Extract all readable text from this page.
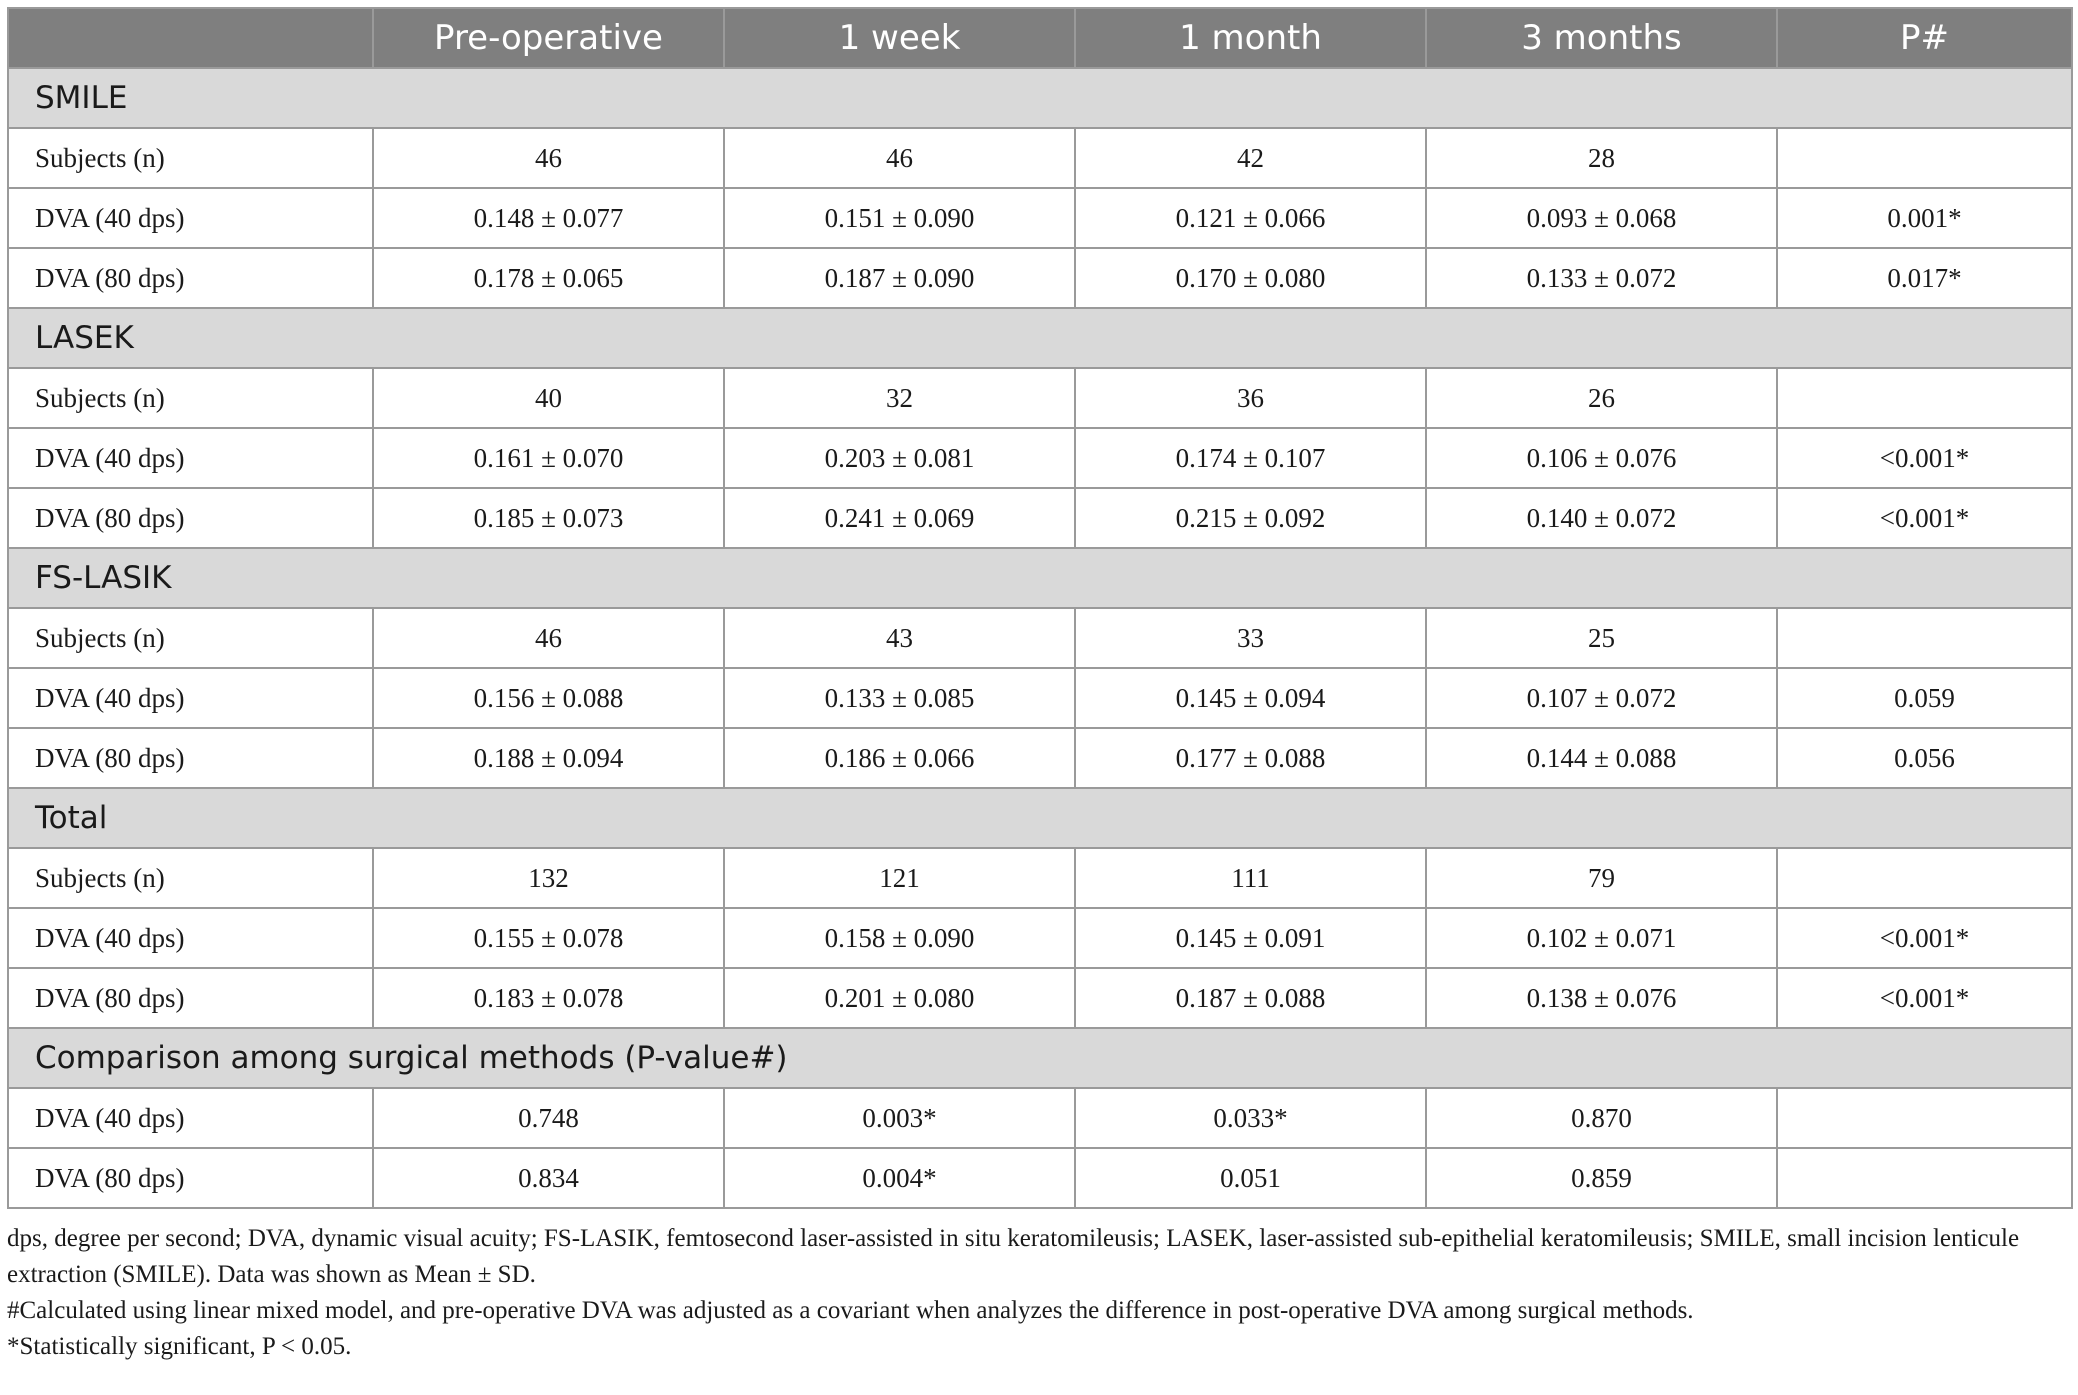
	Pre-operative	1 week	1 month	3 months	P#
SMILE					
Subjects (n)	46	46	42	28	
DVA (40 dps)	0.148 ± 0.077	0.151 ± 0.090	0.121 ± 0.066	0.093 ± 0.068	0.001*
DVA (80 dps)	0.178 ± 0.065	0.187 ± 0.090	0.170 ± 0.080	0.133 ± 0.072	0.017*
LASEK					
Subjects (n)	40	32	36	26	
DVA (40 dps)	0.161 ± 0.070	0.203 ± 0.081	0.174 ± 0.107	0.106 ± 0.076	<0.001*
DVA (80 dps)	0.185 ± 0.073	0.241 ± 0.069	0.215 ± 0.092	0.140 ± 0.072	<0.001*
FS-LASIK					
Subjects (n)	46	43	33	25	
DVA (40 dps)	0.156 ± 0.088	0.133 ± 0.085	0.145 ± 0.094	0.107 ± 0.072	0.059
DVA (80 dps)	0.188 ± 0.094	0.186 ± 0.066	0.177 ± 0.088	0.144 ± 0.088	0.056
Total					
Subjects (n)	132	121	111	79	
DVA (40 dps)	0.155 ± 0.078	0.158 ± 0.090	0.145 ± 0.091	0.102 ± 0.071	<0.001*
DVA (80 dps)	0.183 ± 0.078	0.201 ± 0.080	0.187 ± 0.088	0.138 ± 0.076	<0.001*
Comparison among surgical methods (P-value#)					
DVA (40 dps)	0.748	0.003*	0.033*	0.870	
DVA (80 dps)	0.834	0.004*	0.051	0.859	

dps, degree per second; DVA, dynamic visual acuity; FS-LASIK, femtosecond laser-assisted in situ keratomileusis; LASEK, laser-assisted sub-epithelial keratomileusis; SMILE, small incision lenticule extraction (SMILE). Data was shown as Mean ± SD.

#Calculated using linear mixed model, and pre-operative DVA was adjusted as a covariant when analyzes the difference in post-operative DVA among surgical methods.

*Statistically significant, P < 0.05.
